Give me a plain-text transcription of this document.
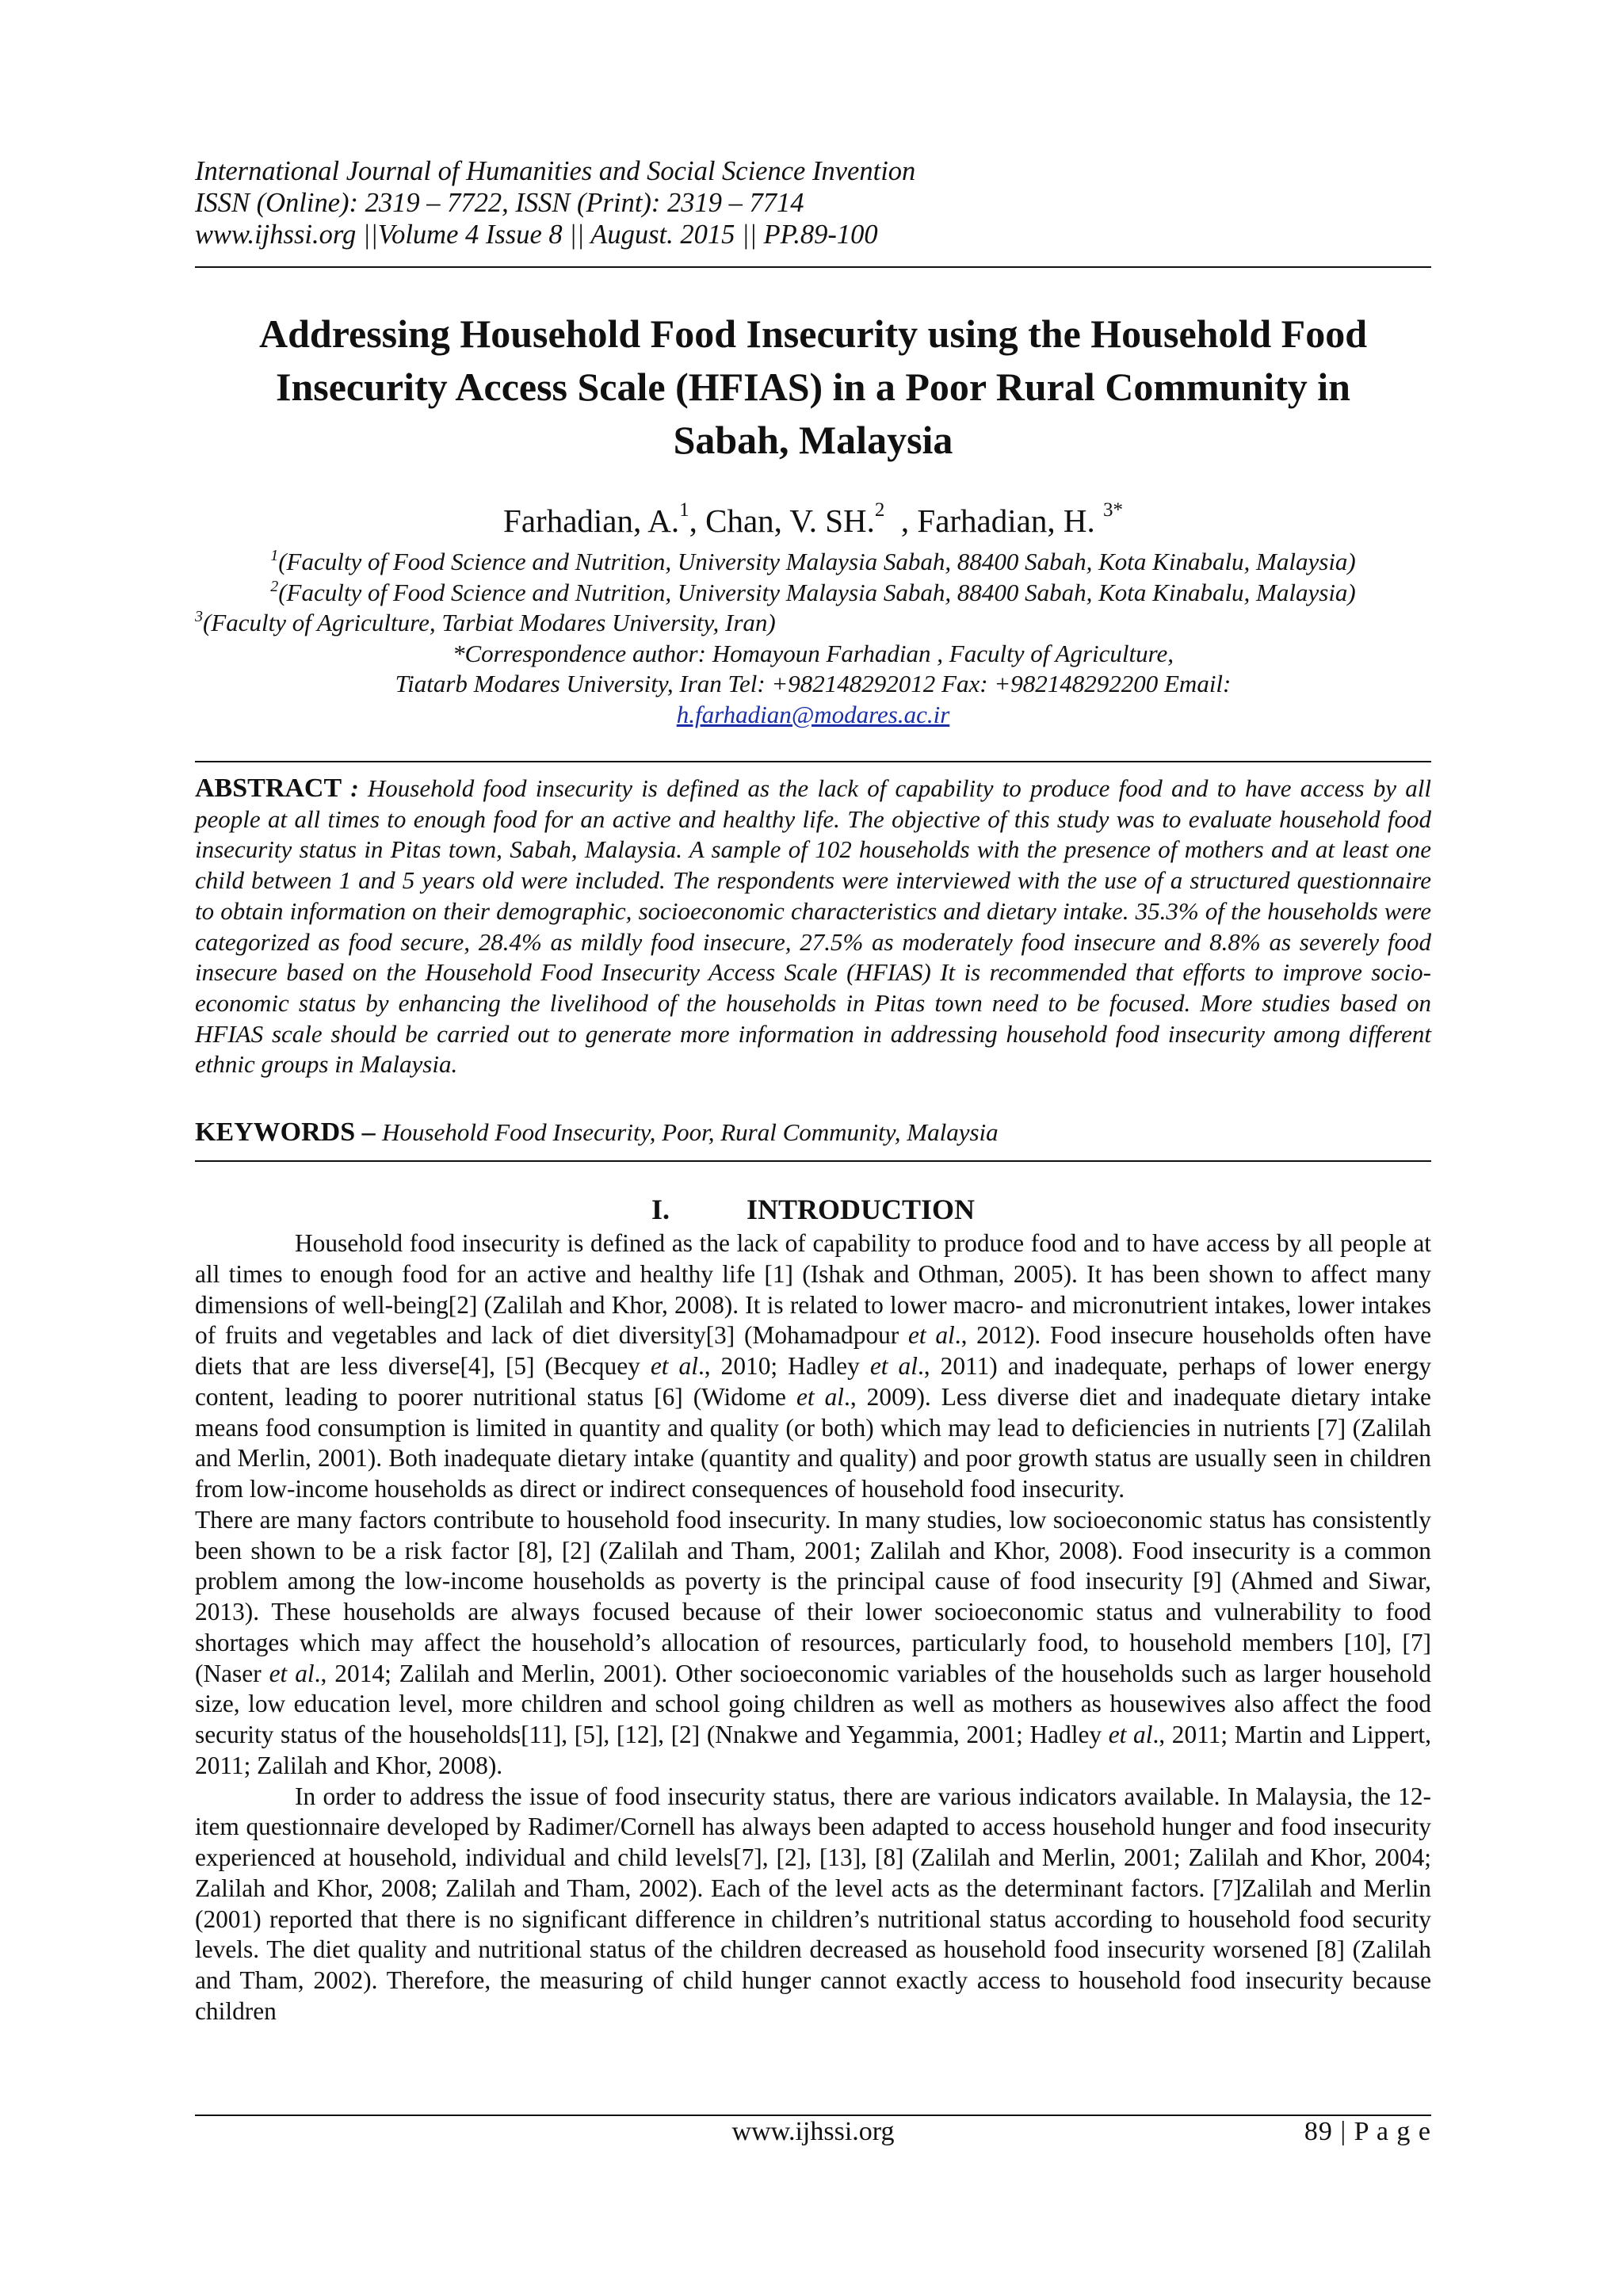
International Journal of Humanities and Social Science Invention
ISSN (Online): 2319 – 7722, ISSN (Print): 2319 – 7714
www.ijhssi.org ||Volume 4 Issue 8 || August. 2015 || PP.89-100
Addressing Household Food Insecurity using the Household Food
Insecurity Access Scale (HFIAS) in a Poor Rural Community in
Sabah, Malaysia
Farhadian, A.$^1$, Chan, V. SH.$^2$  , Farhadian, H. $^{3*}$
$^1$(Faculty of Food Science and Nutrition, University Malaysia Sabah, 88400 Sabah, Kota Kinabalu, Malaysia)
$^2$(Faculty of Food Science and Nutrition, University Malaysia Sabah, 88400 Sabah, Kota Kinabalu, Malaysia)
$^3$(Faculty of Agriculture, Tarbiat Modares University, Iran)
*Correspondence author: Homayoun Farhadian , Faculty of Agriculture,
Tiatarb Modares University, Iran Tel: +982148292012 Fax: +982148292200 Email:
h.farhadian@modares.ac.ir
ABSTRACT : Household food insecurity is defined as the lack of capability to produce food and to have access by all people at all times to enough food for an active and healthy life. The objective of this study was to evaluate household food insecurity status in Pitas town, Sabah, Malaysia. A sample of 102 households with the presence of mothers and at least one child between 1 and 5 years old were included. The respondents were interviewed with the use of a structured questionnaire to obtain information on their demographic, socioeconomic characteristics and dietary intake. 35.3% of the households were categorized as food secure, 28.4% as mildly food insecure, 27.5% as moderately food insecure and 8.8% as severely food insecure based on the Household Food Insecurity Access Scale (HFIAS) It is recommended that efforts to improve socio-economic status by enhancing the livelihood of the households in Pitas town need to be focused. More studies based on HFIAS scale should be carried out to generate more information in addressing household food insecurity among different ethnic groups in Malaysia.
KEYWORDS – Household Food Insecurity, Poor, Rural Community, Malaysia
I.	INTRODUCTION

Household food insecurity is defined as the lack of capability to produce food and to have access by all people at all times to enough food for an active and healthy life [1] (Ishak and Othman, 2005). It has been shown to affect many dimensions of well-being[2] (Zalilah and Khor, 2008). It is related to lower macro- and micronutrient intakes, lower intakes of fruits and vegetables and lack of diet diversity[3] (Mohamadpour et al., 2012). Food insecure households often have diets that are less diverse[4], [5] (Becquey et al., 2010; Hadley et al., 2011) and inadequate, perhaps of lower energy content, leading to poorer nutritional status [6] (Widome et al., 2009). Less diverse diet and inadequate dietary intake means food consumption is limited in quantity and quality (or both) which may lead to deficiencies in nutrients [7] (Zalilah and Merlin, 2001). Both inadequate dietary intake (quantity and quality) and poor growth status are usually seen in children from low-income households as direct or indirect consequences of household food insecurity.

There are many factors contribute to household food insecurity. In many studies, low socioeconomic status has consistently been shown to be a risk factor [8], [2] (Zalilah and Tham, 2001; Zalilah and Khor, 2008). Food insecurity is a common problem among the low-income households as poverty is the principal cause of food insecurity [9] (Ahmed and Siwar, 2013). These households are always focused because of their lower socioeconomic status and vulnerability to food shortages which may affect the household’s allocation of resources, particularly food, to household members [10], [7] (Naser et al., 2014; Zalilah and Merlin, 2001). Other socioeconomic variables of the households such as larger household size, low education level, more children and school going children as well as mothers as housewives also affect the food security status of the households[11], [5], [12], [2] (Nnakwe and Yegammia, 2001; Hadley et al., 2011; Martin and Lippert, 2011; Zalilah and Khor, 2008).

In order to address the issue of food insecurity status, there are various indicators available. In Malaysia, the 12-item questionnaire developed by Radimer/Cornell has always been adapted to access household hunger and food insecurity experienced at household, individual and child levels[7], [2], [13], [8] (Zalilah and Merlin, 2001; Zalilah and Khor, 2004; Zalilah and Khor, 2008; Zalilah and Tham, 2002). Each of the level acts as the determinant factors. [7]Zalilah and Merlin (2001) reported that there is no significant difference in children’s nutritional status according to household food security levels. The diet quality and nutritional status of the children decreased as household food insecurity worsened [8] (Zalilah and Tham, 2002). Therefore, the measuring of child hunger cannot exactly access to household food insecurity because children

www.ijhssi.org	89 | P a g e
